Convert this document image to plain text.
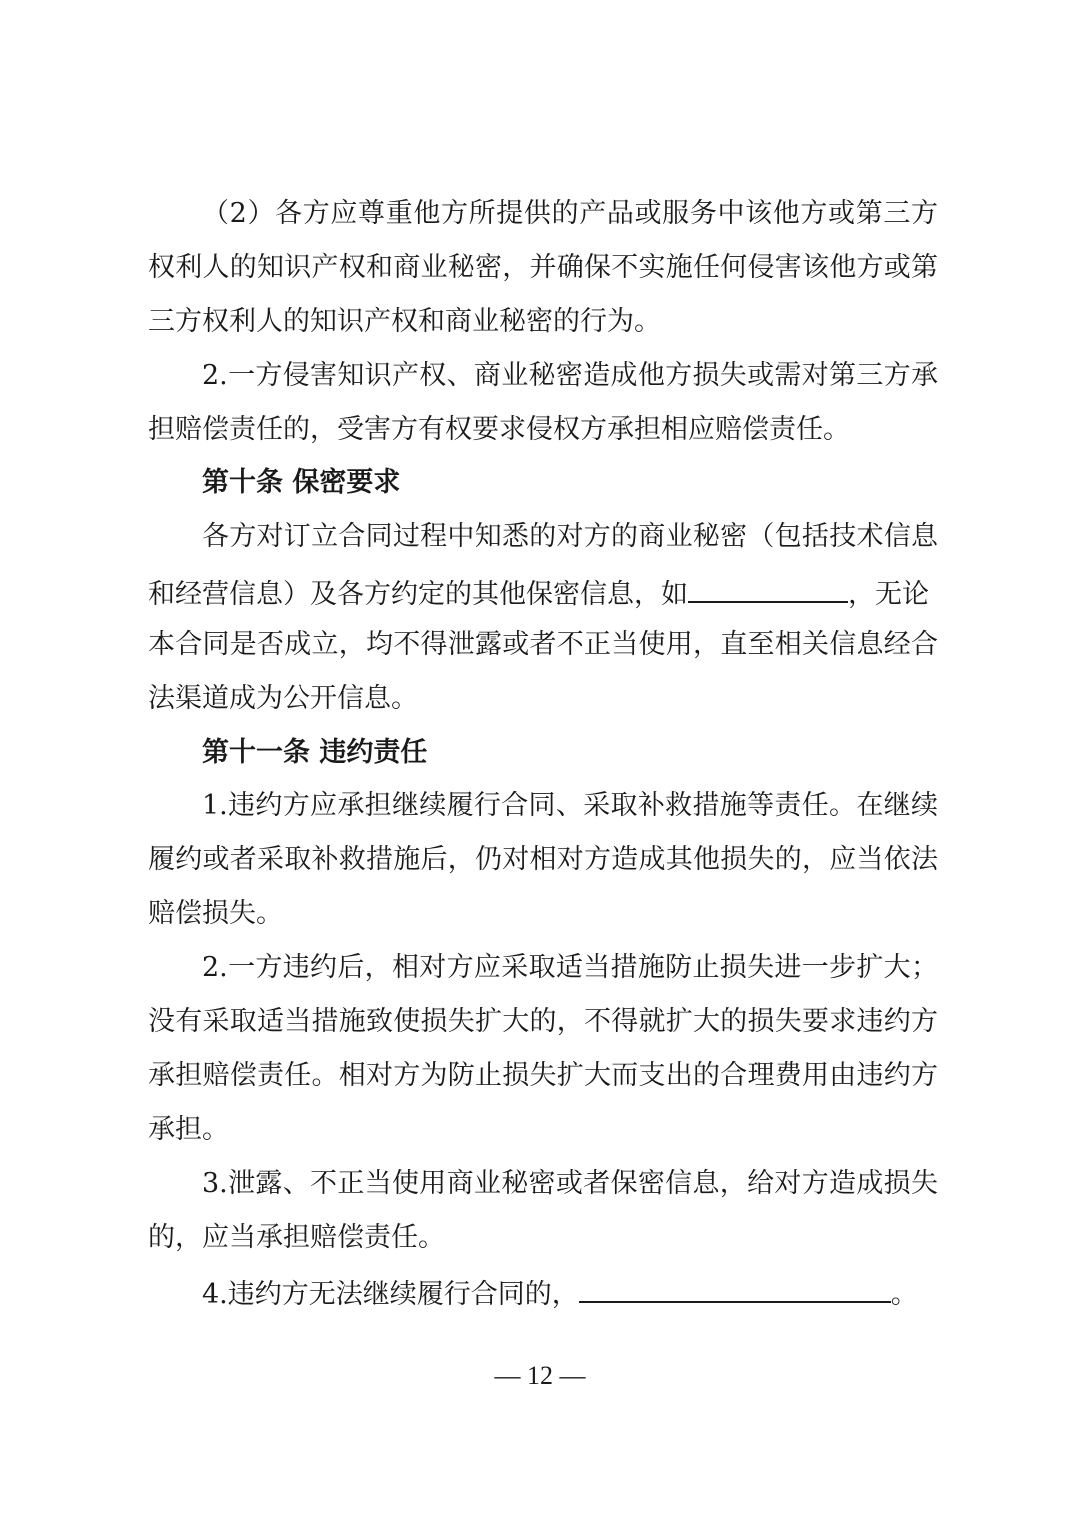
（2）各方应尊重他方所提供的产品或服务中该他方或第三方
权利人的知识产权和商业秘密，并确保不实施任何侵害该他方或第
三方权利人的知识产权和商业秘密的行为。
2.一方侵害知识产权、商业秘密造成他方损失或需对第三方承
担赔偿责任的，受害方有权要求侵权方承担相应赔偿责任。
第十条 保密要求
各方对订立合同过程中知悉的对方的商业秘密（包括技术信息
和经营信息）及各方约定的其他保密信息，如	，无论
本合同是否成立，均不得泄露或者不正当使用，直至相关信息经合
法渠道成为公开信息。
第十一条 违约责任
1.违约方应承担继续履行合同、采取补救措施等责任。在继续
履约或者采取补救措施后，仍对相对方造成其他损失的，应当依法
赔偿损失。
2.一方违约后，相对方应采取适当措施防止损失进一步扩大；
没有采取适当措施致使损失扩大的，不得就扩大的损失要求违约方
承担赔偿责任。相对方为防止损失扩大而支出的合理费用由违约方
承担。
3.泄露、不正当使用商业秘密或者保密信息，给对方造成损失
的，应当承担赔偿责任。
4.违约方无法继续履行合同的，	。
— 12 —
